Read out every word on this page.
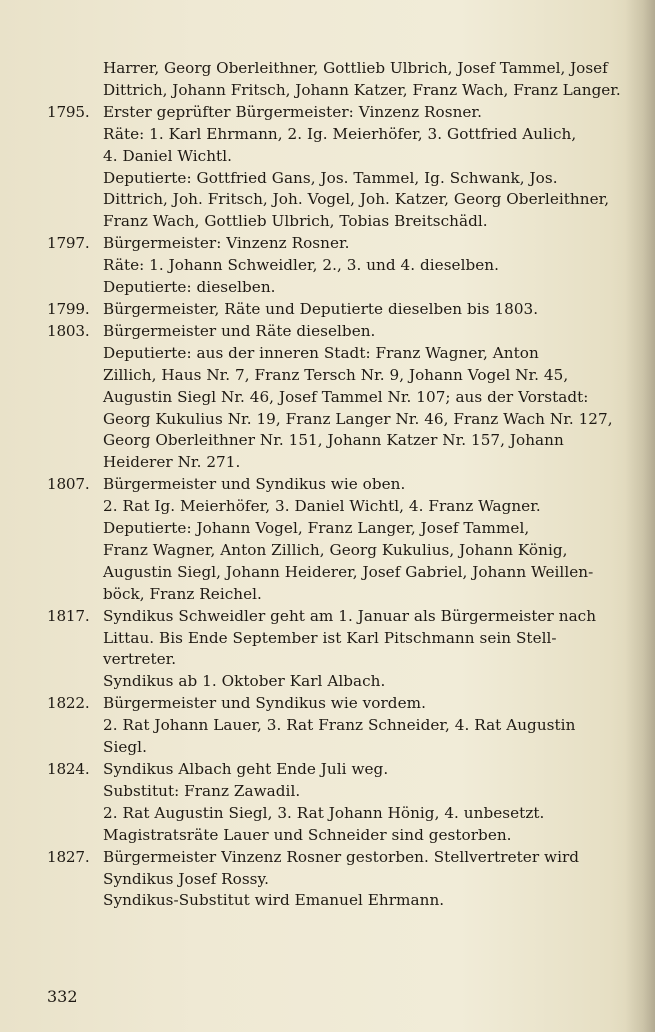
Harrer, Georg Oberleithner, Gottlieb Ulbrich, Josef Tammel, Josef
Dittrich, Johann Fritsch, Johann Katzer, Franz Wach, Franz Langer.
1795. Erster geprüfter Bürgermeister: Vinzenz Rosner.
Räte: 1. Karl Ehrmann, 2. Ig. Meierhöfer, 3. Gottfried Aulich,
4. Daniel Wichtl.
Deputierte: Gottfried Gans, Jos. Tammel, Ig. Schwank, Jos.
Dittrich, Joh. Fritsch, Joh. Vogel, Joh. Katzer, Georg Oberleithner,
Franz Wach, Gottlieb Ulbrich, Tobias Breitschädl.
1797. Bürgermeister: Vinzenz Rosner.
Räte: 1. Johann Schweidler, 2., 3. und 4. dieselben.
Deputierte: dieselben.
1799. Bürgermeister, Räte und Deputierte dieselben bis 1803.
1803. Bürgermeister und Räte dieselben.
Deputierte: aus der inneren Stadt: Franz Wagner, Anton
Zillich, Haus Nr. 7, Franz Tersch Nr. 9, Johann Vogel Nr. 45,
Augustin Siegl Nr. 46, Josef Tammel Nr. 107; aus der Vorstadt:
Georg Kukulius Nr. 19, Franz Langer Nr. 46, Franz Wach Nr. 127,
Georg Oberleithner Nr. 151, Johann Katzer Nr. 157, Johann
Heiderer Nr. 271.
1807. Bürgermeister und Syndikus wie oben.
2. Rat Ig. Meierhöfer, 3. Daniel Wichtl, 4. Franz Wagner.
Deputierte: Johann Vogel, Franz Langer, Josef Tammel,
Franz Wagner, Anton Zillich, Georg Kukulius, Johann König,
Augustin Siegl, Johann Heiderer, Josef Gabriel, Johann Weillen-
böck, Franz Reichel.
1817. Syndikus Schweidler geht am 1. Januar als Bürgermeister nach
Littau. Bis Ende September ist Karl Pitschmann sein Stell-
vertreter.
Syndikus ab 1. Oktober Karl Albach.
1822. Bürgermeister und Syndikus wie vordem.
2. Rat Johann Lauer, 3. Rat Franz Schneider, 4. Rat Augustin
Siegl.
1824. Syndikus Albach geht Ende Juli weg.
Substitut: Franz Zawadil.
2. Rat Augustin Siegl, 3. Rat Johann Hönig, 4. unbesetzt.
Magistratsräte Lauer und Schneider sind gestorben.
1827. Bürgermeister Vinzenz Rosner gestorben. Stellvertreter wird
Syndikus Josef Rossy.
Syndikus-Substitut wird Emanuel Ehrmann.
332
